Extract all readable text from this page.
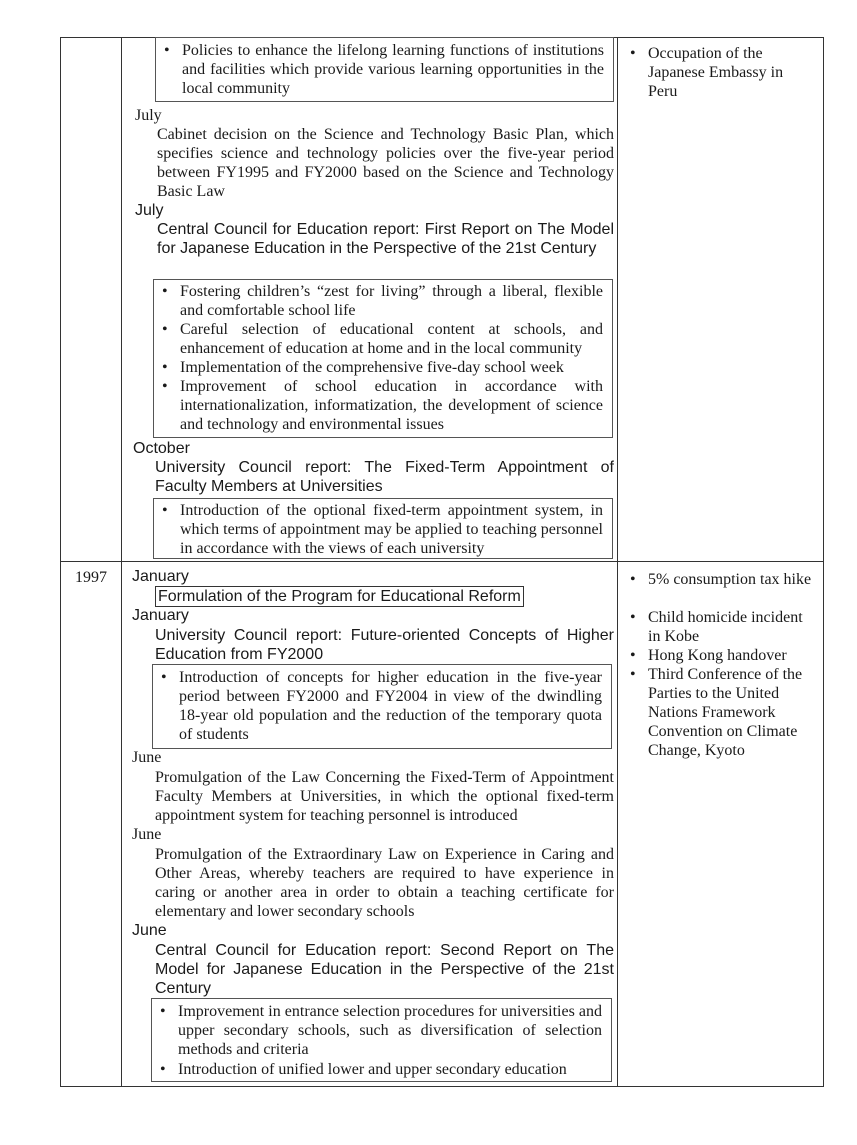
• Policies to enhance the lifelong learning functions of institutions and facilities which provide various learning opportunities in the local community
July
Cabinet decision on the Science and Technology Basic Plan, which specifies science and technology policies over the five-year period between FY1995 and FY2000 based on the Science and Technology Basic Law
July
Central Council for Education report: First Report on The Model for Japanese Education in the Perspective of the 21st Century
• Fostering children’s “zest for living” through a liberal, flexible and comfortable school life
• Careful selection of educational content at schools, and enhancement of education at home and in the local community
• Implementation of the comprehensive five-day school week
• Improvement of school education in accordance with internationalization, informatization, the development of science and technology and environmental issues
October
University Council report: The Fixed-Term Appointment of Faculty Members at Universities
• Introduction of the optional fixed-term appointment system, in which terms of appointment may be applied to teaching personnel in accordance with the views of each university
• Occupation of the Japanese Embassy in Peru
1997 January
Formulation of the Program for Educational Reform
January
University Council report: Future-oriented Concepts of Higher Education from FY2000
• Introduction of concepts for higher education in the five-year period between FY2000 and FY2004 in view of the dwindling 18-year old population and the reduction of the temporary quota of students
June
Promulgation of the Law Concerning the Fixed-Term of Appointment Faculty Members at Universities, in which the optional fixed-term appointment system for teaching personnel is introduced
June
Promulgation of the Extraordinary Law on Experience in Caring and Other Areas, whereby teachers are required to have experience in caring or another area in order to obtain a teaching certificate for elementary and lower secondary schools
June
Central Council for Education report: Second Report on The Model for Japanese Education in the Perspective of the 21st Century
• Improvement in entrance selection procedures for universities and upper secondary schools, such as diversification of selection methods and criteria
• Introduction of unified lower and upper secondary education
• 5% consumption tax hike
• Child homicide incident in Kobe
• Hong Kong handover
• Third Conference of the Parties to the United Nations Framework Convention on Climate Change, Kyoto
